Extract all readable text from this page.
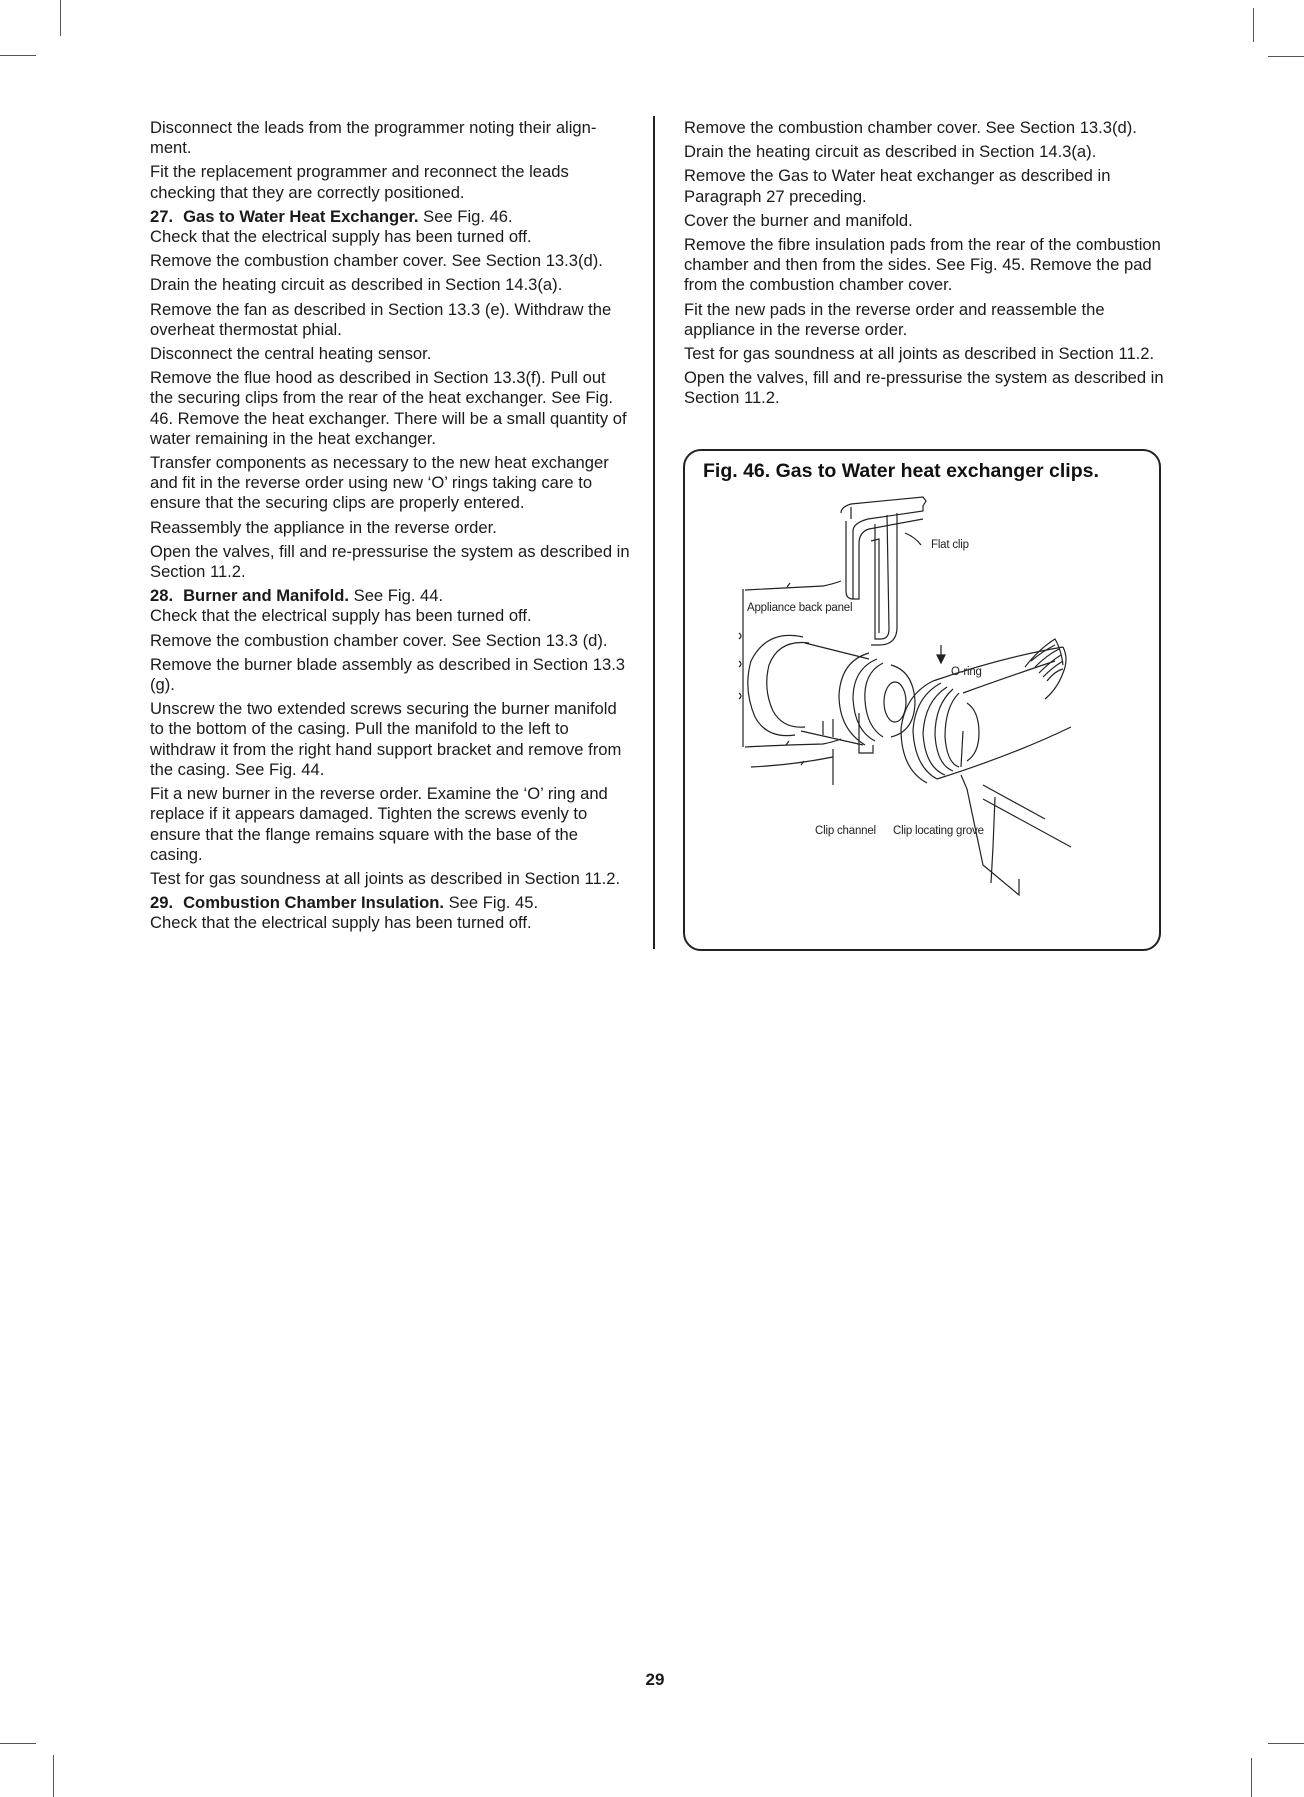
Disconnect the leads from the programmer noting their align-ment.

Fit the replacement programmer and reconnect the leads checking that they are correctly positioned.

27. Gas to Water Heat Exchanger. See Fig. 46.

Check that the electrical supply has been turned off.

Remove the combustion chamber cover. See Section 13.3(d).

Drain the heating circuit as described in Section 14.3(a).

Remove the fan as described in Section 13.3 (e). Withdraw the overheat thermostat phial.

Disconnect the central heating sensor.

Remove the flue hood as described in Section 13.3(f). Pull out the securing clips from the rear of the heat exchanger. See Fig. 46. Remove the heat exchanger. There will be a small quantity of water remaining in the heat exchanger.

Transfer components as necessary to the new heat exchanger and fit in the reverse order using new ‘O’ rings taking care to ensure that the securing clips are properly entered.

Reassembly the appliance in the reverse order.

Open the valves, fill and re-pressurise the system as described in Section 11.2.

28. Burner and Manifold. See Fig. 44.

Check that the electrical supply has been turned off.

Remove the combustion chamber cover. See Section 13.3 (d).

Remove the burner blade assembly as described in Section 13.3 (g).

Unscrew the two extended screws securing the burner manifold to the bottom of the casing. Pull the manifold to the left to withdraw it from the right hand support bracket and remove from the casing. See Fig. 44.

Fit a new burner in the reverse order. Examine the ‘O’ ring and replace if it appears damaged. Tighten the screws evenly to ensure that the flange remains square with the base of the casing.

Test for gas soundness at all joints as described in Section 11.2.

29. Combustion Chamber Insulation. See Fig. 45.

Check that the electrical supply has been turned off.

Remove the combustion chamber cover. See Section 13.3(d).

Drain the heating circuit as described in Section 14.3(a).

Remove the Gas to Water heat exchanger as described in Paragraph 27 preceding.

Cover the burner and manifold.

Remove the fibre insulation pads from the rear of the combustion chamber and then from the sides. See Fig. 45. Remove the pad from the combustion chamber cover.

Fit the new pads in the reverse order and reassemble the appliance in the reverse order.

Test for gas soundness at all joints as described in Section 11.2.

Open the valves, fill and re-pressurise the system as described in Section 11.2.

Fig. 46. Gas to Water heat exchanger clips.
Flat clip
Appliance back panel
O-ring
Clip channel Clip locating grove
29
